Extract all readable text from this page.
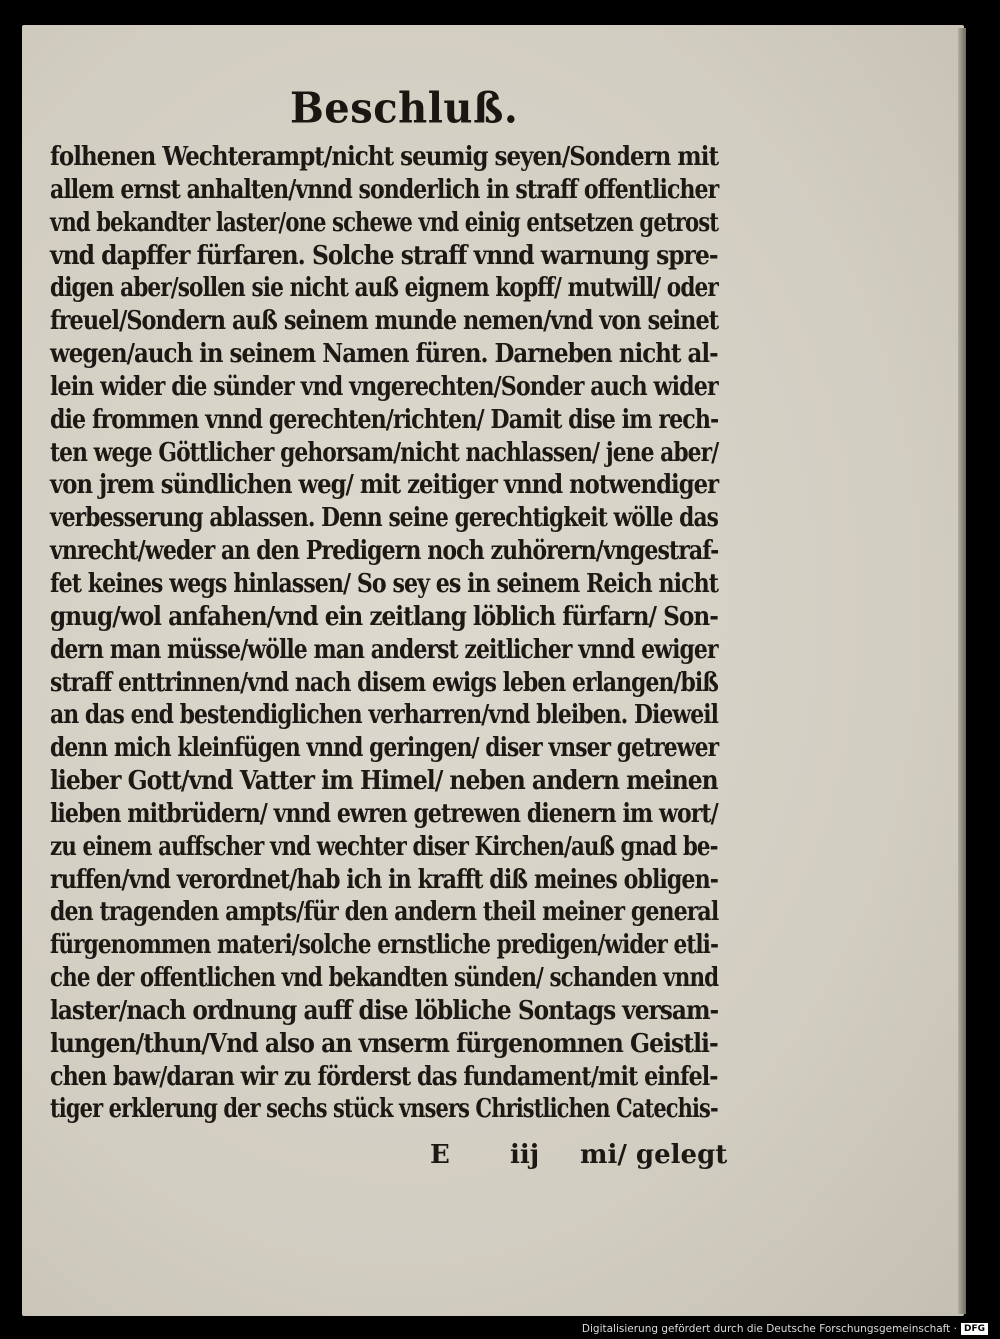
Beschluß.
folhenen Wechterampt/nicht seumig seyen/Sondern mit
allem ernst anhalten/vnnd sonderlich in straff offentlicher
vnd bekandter laster/one schewe vnd einig entsetzen getrost
vnd dapffer fürfaren. Solche straff vnnd warnung spre-
digen aber/sollen sie nicht auß eignem kopff/ mutwill/ oder
freuel/Sondern auß seinem munde nemen/vnd von seinet
wegen/auch in seinem Namen füren. Darneben nicht al-
lein wider die sünder vnd vngerechten/Sonder auch wider
die frommen vnnd gerechten/richten/ Damit dise im rech-
ten wege Göttlicher gehorsam/nicht nachlassen/ jene aber/
von jrem sündlichen weg/ mit zeitiger vnnd notwendiger
verbesserung ablassen. Denn seine gerechtigkeit wölle das
vnrecht/weder an den Predigern noch zuhörern/vngestraf-
fet keines wegs hinlassen/ So sey es in seinem Reich nicht
gnug/wol anfahen/vnd ein zeitlang löblich fürfarn/ Son-
dern man müsse/wölle man anderst zeitlicher vnnd ewiger
straff enttrinnen/vnd nach disem ewigs leben erlangen/biß
an das end bestendiglichen verharren/vnd bleiben. Dieweil
denn mich kleinfügen vnnd geringen/ diser vnser getrewer
lieber Gott/vnd Vatter im Himel/ neben andern meinen
lieben mitbrüdern/ vnnd ewren getrewen dienern im wort/
zu einem auffscher vnd wechter diser Kirchen/auß gnad be-
ruffen/vnd verordnet/hab ich in krafft diß meines obligen-
den tragenden ampts/für den andern theil meiner general
fürgenommen materi/solche ernstliche predigen/wider etli-
che der offentlichen vnd bekandten sünden/ schanden vnnd
laster/nach ordnung auff dise löbliche Sontags versam-
lungen/thun/Vnd also an vnserm fürgenomnen Geistli-
chen baw/daran wir zu förderst das fundament/mit einfel-
tiger erklerung der sechs stück vnsers Christlichen Catechis-
E iij mi/ gelegt
Digitalisierung gefördert durch die Deutsche Forschungsgemeinschaft · DFG
